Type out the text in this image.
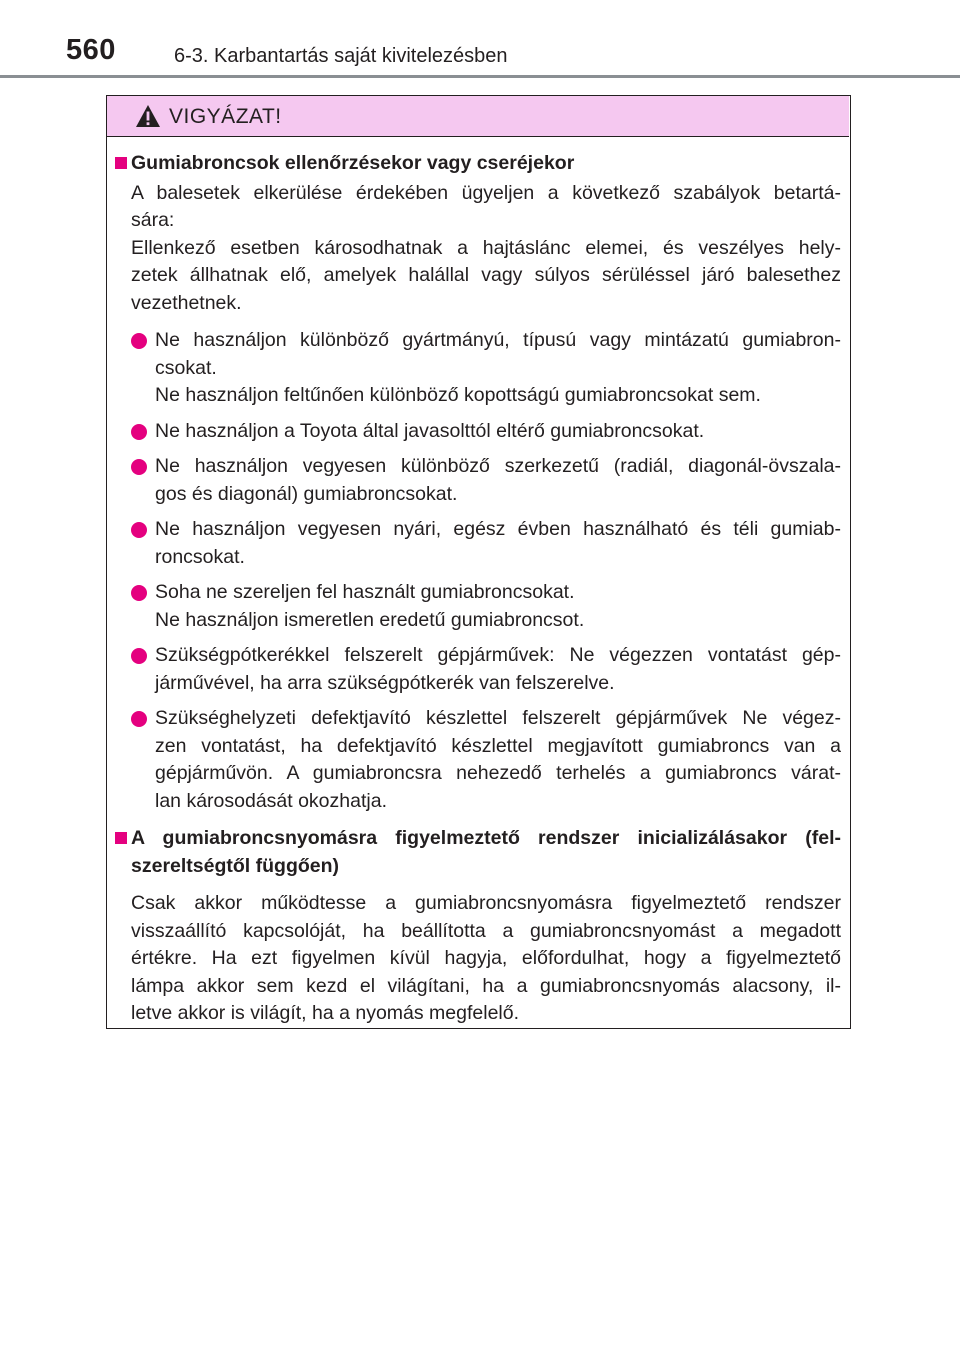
560	6-3. Karbantartás saját kivitelezésben
VIGYÁZAT!
Gumiabroncsok ellenőrzésekor vagy cseréjekor
A balesetek elkerülése érdekében ügyeljen a következő szabályok betartá-
sára:
Ellenkező esetben károsodhatnak a hajtáslánc elemei, és veszélyes hely-
zetek állhatnak elő, amelyek halállal vagy súlyos sérüléssel járó balesethez
vezethetnek.
Ne használjon különböző gyártmányú, típusú vagy mintázatú gumiabron-
csokat.
Ne használjon feltűnően különböző kopottságú gumiabroncsokat sem.
Ne használjon a Toyota által javasolttól eltérő gumiabroncsokat.
Ne használjon vegyesen különböző szerkezetű (radiál, diagonál-övszala-
gos és diagonál) gumiabroncsokat.
Ne használjon vegyesen nyári, egész évben használható és téli gumiab-
roncsokat.
Soha ne szereljen fel használt gumiabroncsokat.
Ne használjon ismeretlen eredetű gumiabroncsot.
Szükségpótkerékkel felszerelt gépjárművek: Ne végezzen vontatást gép-
járművével, ha arra szükségpótkerék van felszerelve.
Szükséghelyzeti defektjavító készlettel felszerelt gépjárművek Ne végez-
zen vontatást, ha defektjavító készlettel megjavított gumiabroncs van a
gépjárművön. A gumiabroncsra nehezedő terhelés a gumiabroncs várat-
lan károsodását okozhatja.
A gumiabroncsnyomásra figyelmeztető rendszer inicializálásakor (fel-
szereltségtől függően)
Csak akkor működtesse a gumiabroncsnyomásra figyelmeztető rendszer
visszaállító kapcsolóját, ha beállította a gumiabroncsnyomást a megadott
értékre. Ha ezt figyelmen kívül hagyja, előfordulhat, hogy a figyelmeztető
lámpa akkor sem kezd el világítani, ha a gumiabroncsnyomás alacsony, il-
letve akkor is világít, ha a nyomás megfelelő.
